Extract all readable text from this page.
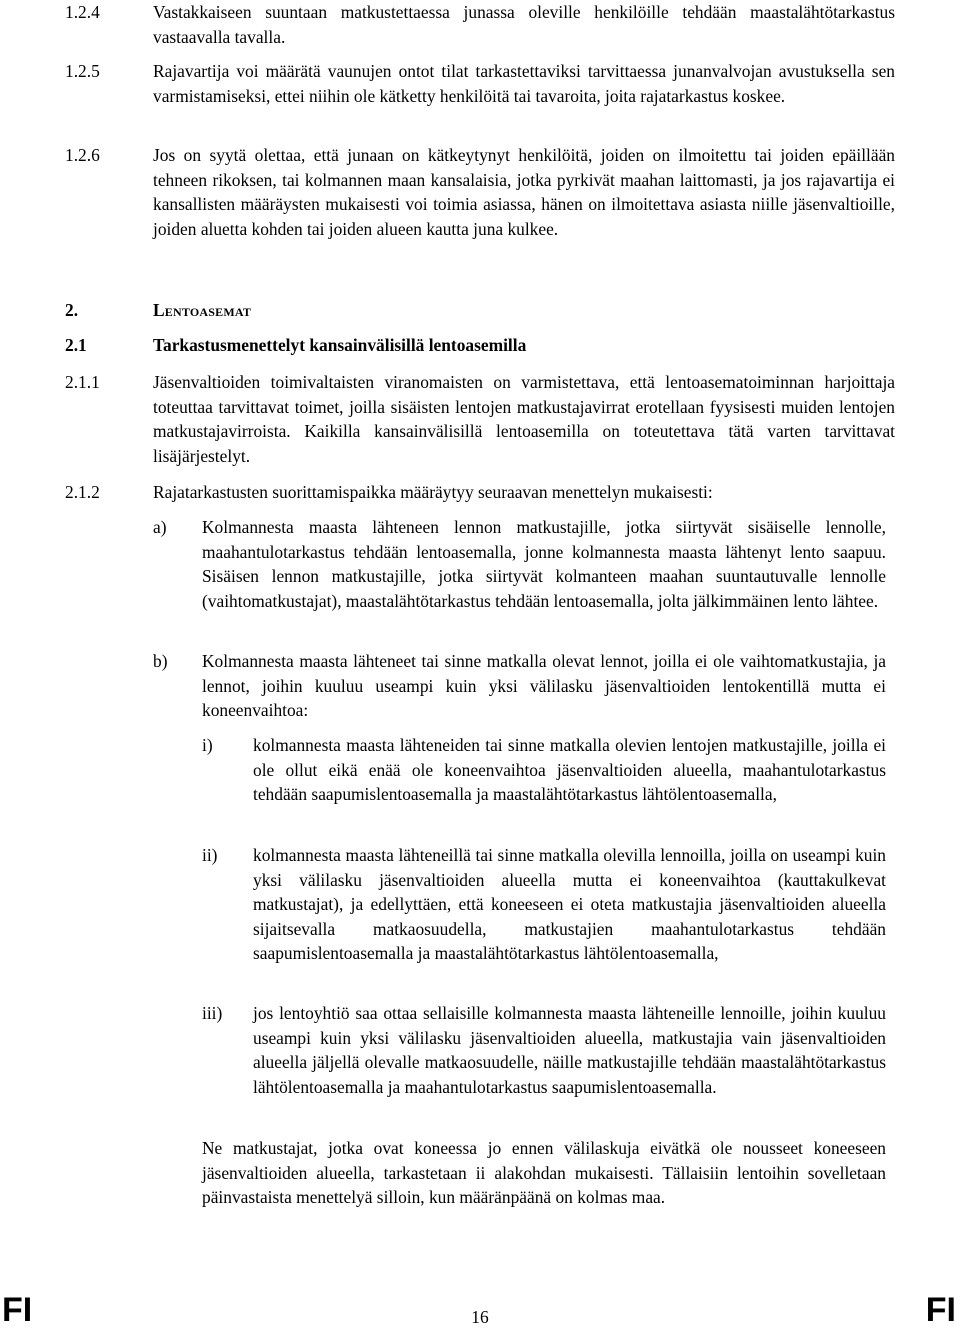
1.2.4	Vastakkaiseen suuntaan matkustettaessa junassa oleville henkilöille tehdään maastalähtötarkastus vastaavalla tavalla.
1.2.5	Rajavartija voi määrätä vaunujen ontot tilat tarkastettaviksi tarvittaessa junanvalvojan avustuksella sen varmistamiseksi, ettei niihin ole kätketty henkilöitä tai tavaroita, joita rajatarkastus koskee.
1.2.6	Jos on syytä olettaa, että junaan on kätkeytynyt henkilöitä, joiden on ilmoitettu tai joiden epäillään tehneen rikoksen, tai kolmannen maan kansalaisia, jotka pyrkivät maahan laittomasti, ja jos rajavartija ei kansallisten määräysten mukaisesti voi toimia asiassa, hänen on ilmoitettava asiasta niille jäsenvaltioille, joiden aluetta kohden tai joiden alueen kautta juna kulkee.
2.	Lentoasemat
2.1	Tarkastusmenettelyt kansainvälisillä lentoasemilla
2.1.1	Jäsenvaltioiden toimivaltaisten viranomaisten on varmistettava, että lentoasematoiminnan harjoittaja toteuttaa tarvittavat toimet, joilla sisäisten lentojen matkustajavirrat erotellaan fyysisesti muiden lentojen matkustajavirroista. Kaikilla kansainvälisillä lentoasemilla on toteutettava tätä varten tarvittavat lisäjärjestelyt.
2.1.2	Rajatarkastusten suorittamispaikka määräytyy seuraavan menettelyn mukaisesti:
a) Kolmannesta maasta lähteneen lennon matkustajille, jotka siirtyvät sisäiselle lennolle, maahantulotarkastus tehdään lentoasemalla, jonne kolmannesta maasta lähtenyt lento saapuu. Sisäisen lennon matkustajille, jotka siirtyvät kolmanteen maahan suuntautuvalle lennolle (vaihtomatkustajat), maastalähtötarkastus tehdään lentoasemalla, jolta jälkimmäinen lento lähtee.
b) Kolmannesta maasta lähteneet tai sinne matkalla olevat lennot, joilla ei ole vaihtomatkustajia, ja lennot, joihin kuuluu useampi kuin yksi välilasku jäsenvaltioiden lentokentillä mutta ei koneenvaihtoa:
i) kolmannesta maasta lähteneiden tai sinne matkalla olevien lentojen matkustajille, joilla ei ole ollut eikä enää ole koneenvaihtoa jäsenvaltioiden alueella, maahantulotarkastus tehdään saapumislentoasemalla ja maastalähtötarkastus lähtölentoasemalla,
ii) kolmannesta maasta lähteneillä tai sinne matkalla olevilla lennoilla, joilla on useampi kuin yksi välilasku jäsenvaltioiden alueella mutta ei koneenvaihtoa (kauttakulkevat matkustajat), ja edellyttäen, että koneeseen ei oteta matkustajia jäsenvaltioiden alueella sijaitsevalla matkaosuudella, matkustajien maahantulotarkastus tehdään saapumislentoasemalla ja maastalähtötarkastus lähtölentoasemalla,
iii) jos lentoyhtiö saa ottaa sellaisille kolmannesta maasta lähteneille lennoille, joihin kuuluu useampi kuin yksi välilasku jäsenvaltioiden alueella, matkustajia vain jäsenvaltioiden alueella jäljellä olevalle matkaosuudelle, näille matkustajille tehdään maastalähtötarkastus lähtölentoasemalla ja maahantulotarkastus saapumislentoasemalla.
Ne matkustajat, jotka ovat koneessa jo ennen välilaskuja eivätkä ole nousseet koneeseen jäsenvaltioiden alueella, tarkastetaan ii alakohdan mukaisesti. Tällaisiin lentoihin sovelletaan päinvastaista menettelyä silloin, kun määränpäänä on kolmas maa.
FI	16	FI
